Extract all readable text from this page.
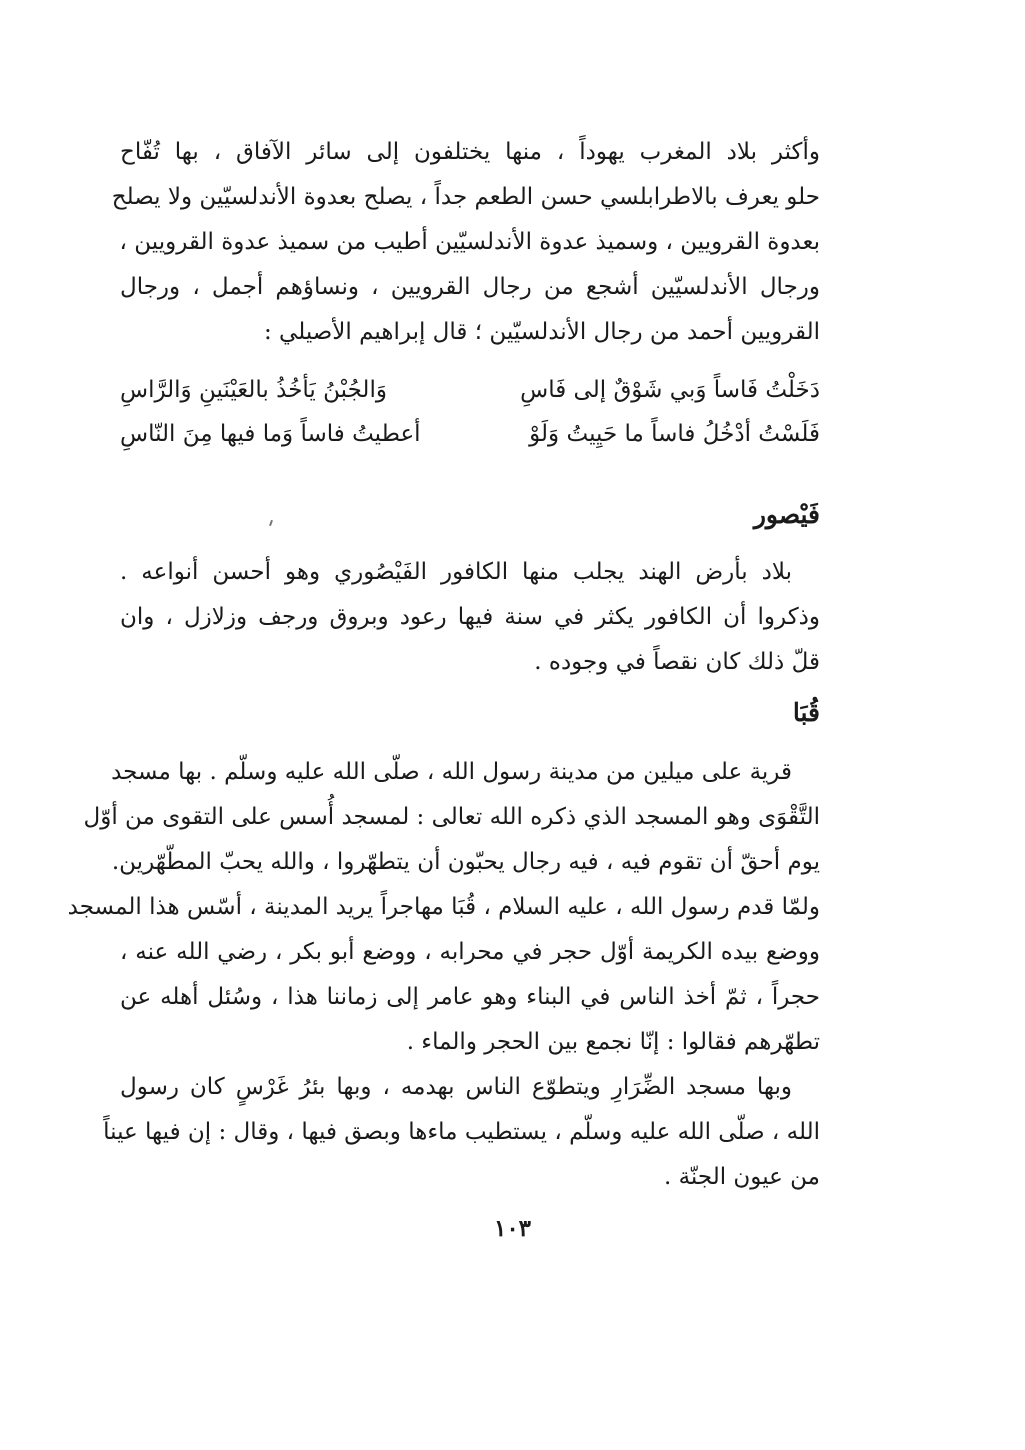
وأكثر بلاد المغرب يهوداً ، منها يختلفون إلى سائر الآفاق ، بها تُفّاح
حلو يعرف بالاطرابلسي حسن الطعم جداً ، يصلح بعدوة الأندلسيّين ولا يصلح
بعدوة القرويين ، وسميذ عدوة الأندلسيّين أطيب من سميذ عدوة القرويين ،
ورجال الأندلسيّين أشجع من رجال القرويين ، ونساؤهم أجمل ، ورجال
القرويين أحمد من رجال الأندلسيّين ؛ قال إبراهيم الأصيلي :
دَخَلْتُ فَاساً وَبي شَوْقٌ إلى فَاسِ
وَالجُبْنُ يَأخُذُ بالعَيْنَينِ وَالرَّاسِ
فَلَسْتُ أدْخُلُ فاساً ما حَيِيتُ وَلَوْ
أعطيتُ فاساً وَما فيها مِنَ النّاسِ
فَيْصور
بلاد بأرض الهند يجلب منها الكافور الفَيْصُوري وهو أحسن أنواعه .
وذكروا أن الكافور يكثر في سنة فيها رعود وبروق ورجف وزلازل ، وان
قلّ ذلك كان نقصاً في وجوده .
قُبَا
قرية على ميلين من مدينة رسول الله ، صلّى الله عليه وسلّم . بها مسجد
التَّقْوَى وهو المسجد الذي ذكره الله تعالى : لمسجد أُسس على التقوى من أوّل
يوم أحقّ أن تقوم فيه ، فيه رجال يحبّون أن يتطهّروا ، والله يحبّ المطّهّرين.
ولمّا قدم رسول الله ، عليه السلام ، قُبَا مهاجراً يريد المدينة ، أسّس هذا المسجد
ووضع بيده الكريمة أوّل حجر في محرابه ، ووضع أبو بكر ، رضي الله عنه ،
حجراً ، ثمّ أخذ الناس في البناء وهو عامر إلى زماننا هذا ، وسُئل أهله عن
تطهّرهم فقالوا : إنّا نجمع بين الحجر والماء .
وبها مسجد الضِّرَارِ ويتطوّع الناس بهدمه ، وبها بئرُ غَرْسٍ كان رسول
الله ، صلّى الله عليه وسلّم ، يستطيب ماءها وبصق فيها ، وقال : إن فيها عيناً
من عيون الجنّة .
١٠٣
